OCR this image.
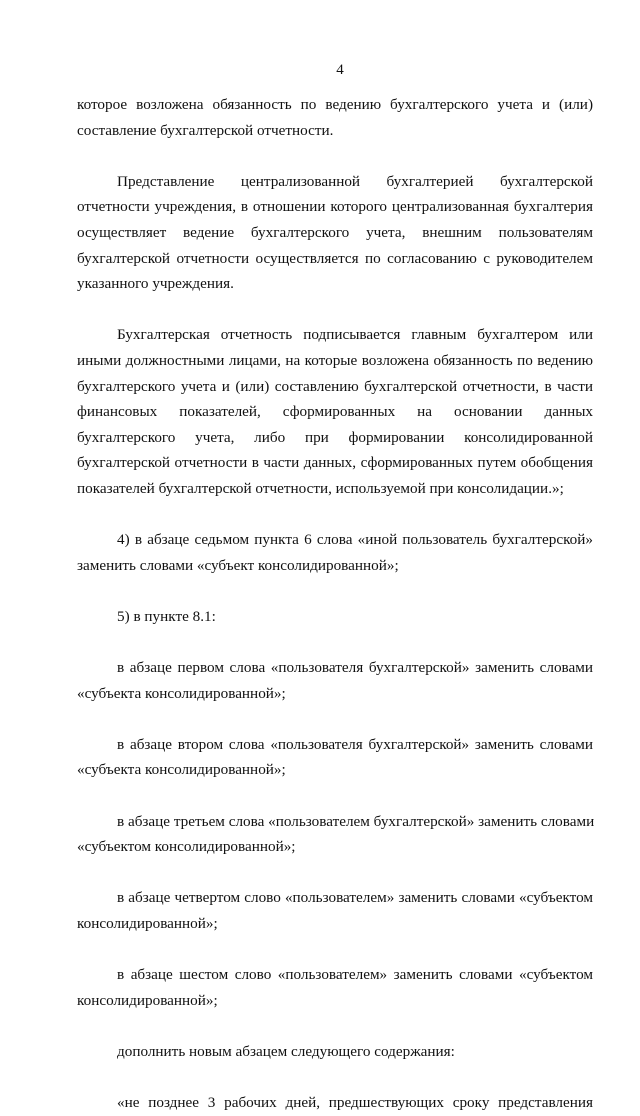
4
которое возложена обязанность по ведению бухгалтерского учета и (или)
составление бухгалтерской отчетности.
Представление централизованной бухгалтерией бухгалтерской
отчетности учреждения, в отношении которого централизованная бухгалтерия
осуществляет ведение бухгалтерского учета, внешним пользователям
бухгалтерской отчетности осуществляется по согласованию с руководителем
указанного учреждения.
Бухгалтерская отчетность подписывается главным бухгалтером или
иными должностными лицами, на которые возложена обязанность по ведению
бухгалтерского учета и (или) составлению бухгалтерской отчетности, в части
финансовых показателей, сформированных на основании данных
бухгалтерского учета, либо при формировании консолидированной
бухгалтерской отчетности в части данных, сформированных путем обобщения
показателей бухгалтерской отчетности, используемой при консолидации.»;
4) в абзаце седьмом пункта 6 слова «иной пользователь бухгалтерской»
заменить словами «субъект консолидированной»;
5) в пункте 8.1:
в абзаце первом слова «пользователя бухгалтерской» заменить словами
«субъекта консолидированной»;
в абзаце втором слова «пользователя бухгалтерской» заменить словами
«субъекта консолидированной»;
в абзаце третьем слова «пользователем бухгалтерской» заменить словами
«субъектом консолидированной»;
в абзаце четвертом слово «пользователем» заменить словами «субъектом
консолидированной»;
в абзаце шестом слово «пользователем» заменить словами «субъектом
консолидированной»;
дополнить новым абзацем следующего содержания:
«не позднее 3 рабочих дней, предшествующих сроку представления
